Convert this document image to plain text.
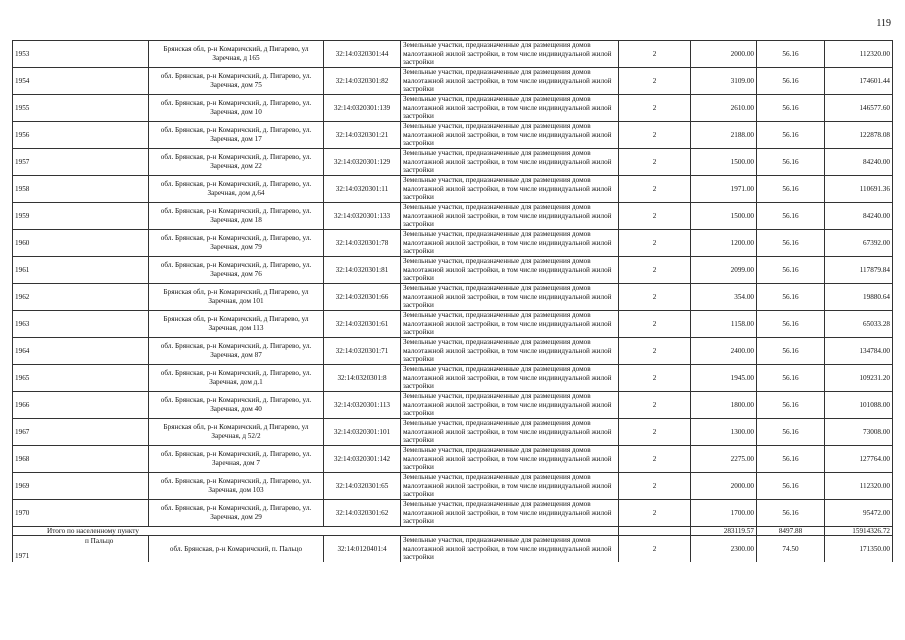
119
1953	Брянская обл, р-н Комаричский, д Пигарево, ул Заречная, д 165	32:14:0320301:44	Земельные участки, предназначенные для размещения домов малоэтажной жилой застройки, в том числе индивидуальной жилой застройки	2	2000.00	56.16	112320.00
1954	обл. Брянская, р-н Комаричский, д. Пигарево, ул. Заречная, дом 75	32:14:0320301:82	Земельные участки, предназначенные для размещения домов малоэтажной жилой застройки, в том числе индивидуальной жилой застройки	2	3109.00	56.16	174601.44
1955	обл. Брянская, р-н Комаричский, д. Пигарево, ул. Заречная, дом 10	32:14:0320301:139	Земельные участки, предназначенные для размещения домов малоэтажной жилой застройки, в том числе индивидуальной жилой застройки	2	2610.00	56.16	146577.60
1956	обл. Брянская, р-н Комаричский, д. Пигарево, ул. Заречная, дом 17	32:14:0320301:21	Земельные участки, предназначенные для размещения домов малоэтажной жилой застройки, в том числе индивидуальной жилой застройки	2	2188.00	56.16	122878.08
1957	обл. Брянская, р-н Комаричский, д. Пигарево, ул. Заречная, дом 22	32:14:0320301:129	Земельные участки, предназначенные для размещения домов малоэтажной жилой застройки, в том числе индивидуальной жилой застройки	2	1500.00	56.16	84240.00
1958	обл. Брянская, р-н Комаричский, д. Пигарево, ул. Заречная, дом д.64	32:14:0320301:11	Земельные участки, предназначенные для размещения домов малоэтажной жилой застройки, в том числе индивидуальной жилой застройки	2	1971.00	56.16	110691.36
1959	обл. Брянская, р-н Комаричский, д. Пигарево, ул. Заречная, дом 18	32:14:0320301:133	Земельные участки, предназначенные для размещения домов малоэтажной жилой застройки, в том числе индивидуальной жилой застройки	2	1500.00	56.16	84240.00
1960	обл. Брянская, р-н Комаричский, д. Пигарево, ул. Заречная, дом 79	32:14:0320301:78	Земельные участки, предназначенные для размещения домов малоэтажной жилой застройки, в том числе индивидуальной жилой застройки	2	1200.00	56.16	67392.00
1961	обл. Брянская, р-н Комаричский, д. Пигарево, ул. Заречная, дом 76	32:14:0320301:81	Земельные участки, предназначенные для размещения домов малоэтажной жилой застройки, в том числе индивидуальной жилой застройки	2	2099.00	56.16	117879.84
1962	Брянская обл, р-н Комаричский, д Пигарево, ул Заречная, дом 101	32:14:0320301:66	Земельные участки, предназначенные для размещения домов малоэтажной жилой застройки, в том числе индивидуальной жилой застройки	2	354.00	56.16	19880.64
1963	Брянская обл, р-н Комаричский, д Пигарево, ул Заречная, дом 113	32:14:0320301:61	Земельные участки, предназначенные для размещения домов малоэтажной жилой застройки, в том числе индивидуальной жилой застройки	2	1158.00	56.16	65033.28
1964	обл. Брянская, р-н Комаричский, д. Пигарево, ул. Заречная, дом 87	32:14:0320301:71	Земельные участки, предназначенные для размещения домов малоэтажной жилой застройки, в том числе индивидуальной жилой застройки	2	2400.00	56.16	134784.00
1965	обл. Брянская, р-н Комаричский, д. Пигарево, ул. Заречная, дом д.1	32:14:0320301:8	Земельные участки, предназначенные для размещения домов малоэтажной жилой застройки, в том числе индивидуальной жилой застройки	2	1945.00	56.16	109231.20
1966	обл. Брянская, р-н Комаричский, д. Пигарево, ул. Заречная, дом 40	32:14:0320301:113	Земельные участки, предназначенные для размещения домов малоэтажной жилой застройки, в том числе индивидуальной жилой застройки	2	1800.00	56.16	101088.00
1967	Брянская обл, р-н Комаричский, д Пигарево, ул Заречная, д 52/2	32:14:0320301:101	Земельные участки, предназначенные для размещения домов малоэтажной жилой застройки, в том числе индивидуальной жилой застройки	2	1300.00	56.16	73008.00
1968	обл. Брянская, р-н Комаричский, д. Пигарево, ул. Заречная, дом 7	32:14:0320301:142	Земельные участки, предназначенные для размещения домов малоэтажной жилой застройки, в том числе индивидуальной жилой застройки	2	2275.00	56.16	127764.00
1969	обл. Брянская, р-н Комаричский, д. Пигарево, ул. Заречная, дом 103	32:14:0320301:65	Земельные участки, предназначенные для размещения домов малоэтажной жилой застройки, в том числе индивидуальной жилой застройки	2	2000.00	56.16	112320.00
1970	обл. Брянская, р-н Комаричский, д. Пигарево, ул. Заречная, дом 29	32:14:0320301:62	Земельные участки, предназначенные для размещения домов малоэтажной жилой застройки, в том числе индивидуальной жилой застройки	2	1700.00	56.16	95472.00
Итого по населенному пункту					283119.57	8497.88	15914326.72

п Пальцо
1971	обл. Брянская, р-н Комаричский, п. Пальцо	32:14:0120401:4	Земельные участки, предназначенные для размещения домов малоэтажной жилой застройки, в том числе индивидуальной жилой застройки	2	2300.00	74.50	171350.00
